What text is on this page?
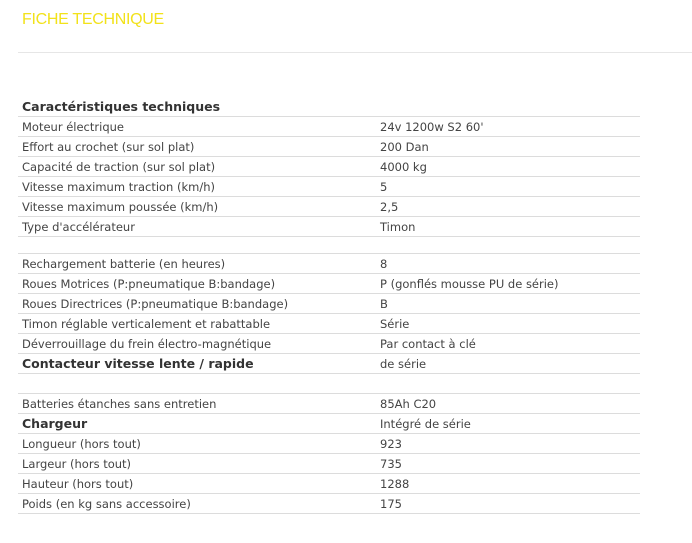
FICHE TECHNIQUE
Caractéristiques techniques	
Moteur électrique	24v 1200w S2 60'
Effort au crochet (sur sol plat)	200 Dan
Capacité de traction (sur sol plat)	4000 kg
Vitesse maximum traction (km/h)	5
Vitesse maximum poussée (km/h)	2,5
Type d'accélérateur	Timon

Rechargement batterie (en heures)	8
Roues Motrices (P:pneumatique B:bandage)	P (gonflés mousse PU de série)
Roues Directrices (P:pneumatique B:bandage)	B
Timon réglable verticalement et rabattable	Série
Déverrouillage du frein électro-magnétique	Par contact à clé
Contacteur vitesse lente / rapide	de série

Batteries étanches sans entretien	85Ah C20
Chargeur	Intégré de série
Longueur (hors tout)	923
Largeur (hors tout)	735
Hauteur (hors tout)	1288
Poids (en kg sans accessoire)	175
